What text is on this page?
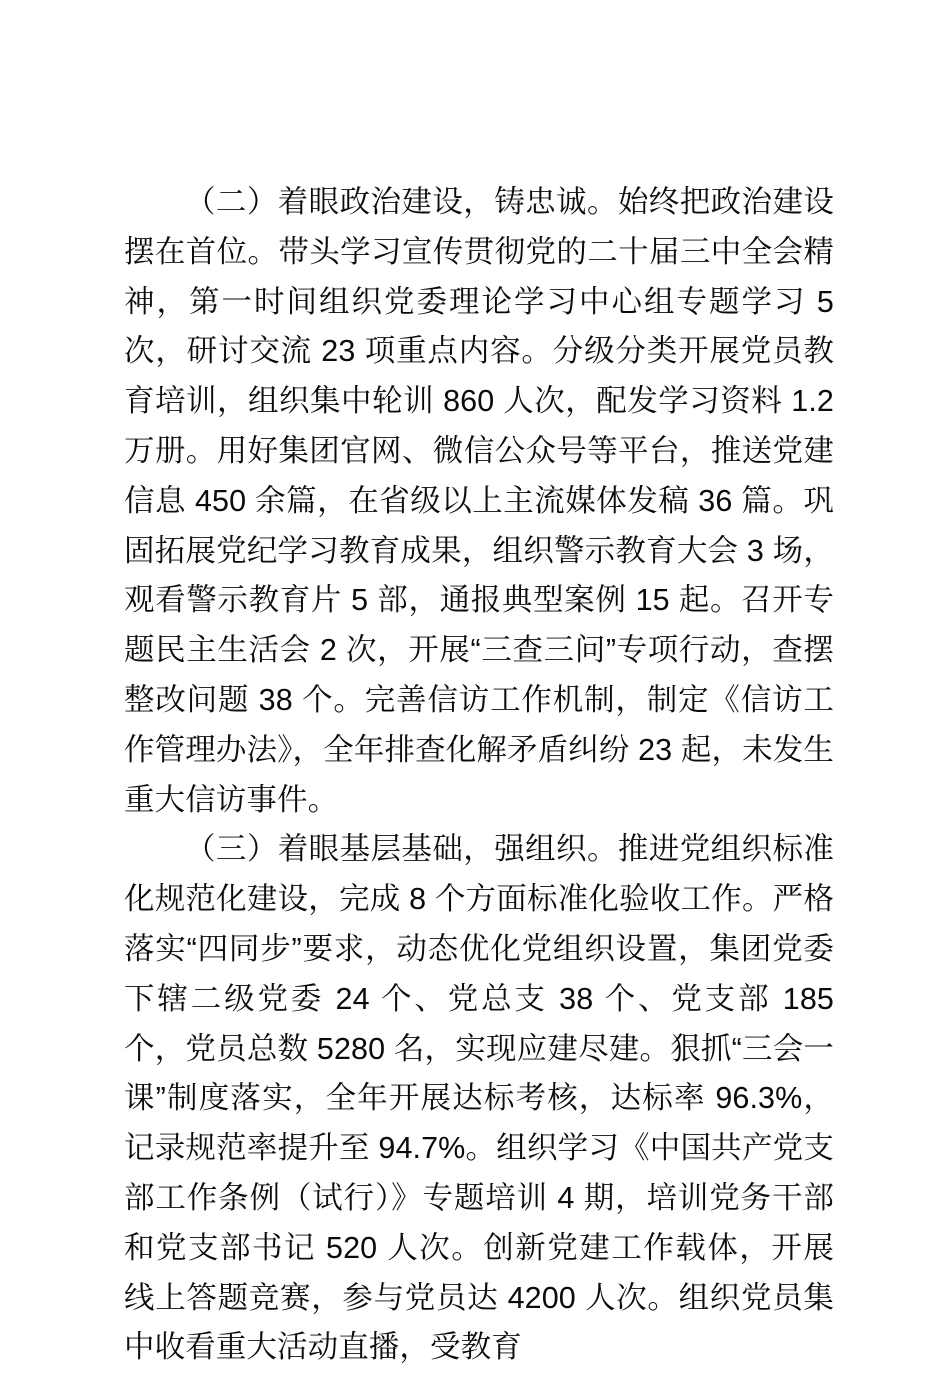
（二）着眼政治建设，铸忠诚。始终把政治建设摆在首位。带头学习宣传贯彻党的二十届三中全会精神，第一时间组织党委理论学习中心组专题学习 5 次，研讨交流 23 项重点内容。分级分类开展党员教育培训，组织集中轮训 860 人次，配发学习资料 1.2 万册。用好集团官网、微信公众号等平台，推送党建信息 450 余篇，在省级以上主流媒体发稿 36 篇。巩固拓展党纪学习教育成果，组织警示教育大会 3 场，观看警示教育片 5 部，通报典型案例 15 起。召开专题民主生活会 2 次，开展“三查三问”专项行动，查摆整改问题 38 个。完善信访工作机制，制定《信访工作管理办法》，全年排查化解矛盾纠纷 23 起，未发生重大信访事件。

（三）着眼基层基础，强组织。推进党组织标准化规范化建设，完成 8 个方面标准化验收工作。严格落实“四同步”要求，动态优化党组织设置，集团党委下辖二级党委 24 个、党总支 38 个、党支部 185 个，党员总数 5280 名，实现应建尽建。狠抓“三会一课”制度落实，全年开展达标考核，达标率 96.3%，记录规范率提升至 94.7%。组织学习《中国共产党支部工作条例（试行）》专题培训 4 期，培训党务干部和党支部书记 520 人次。创新党建工作载体，开展线上答题竞赛，参与党员达 4200 人次。组织党员集中收看重大活动直播，受教育
